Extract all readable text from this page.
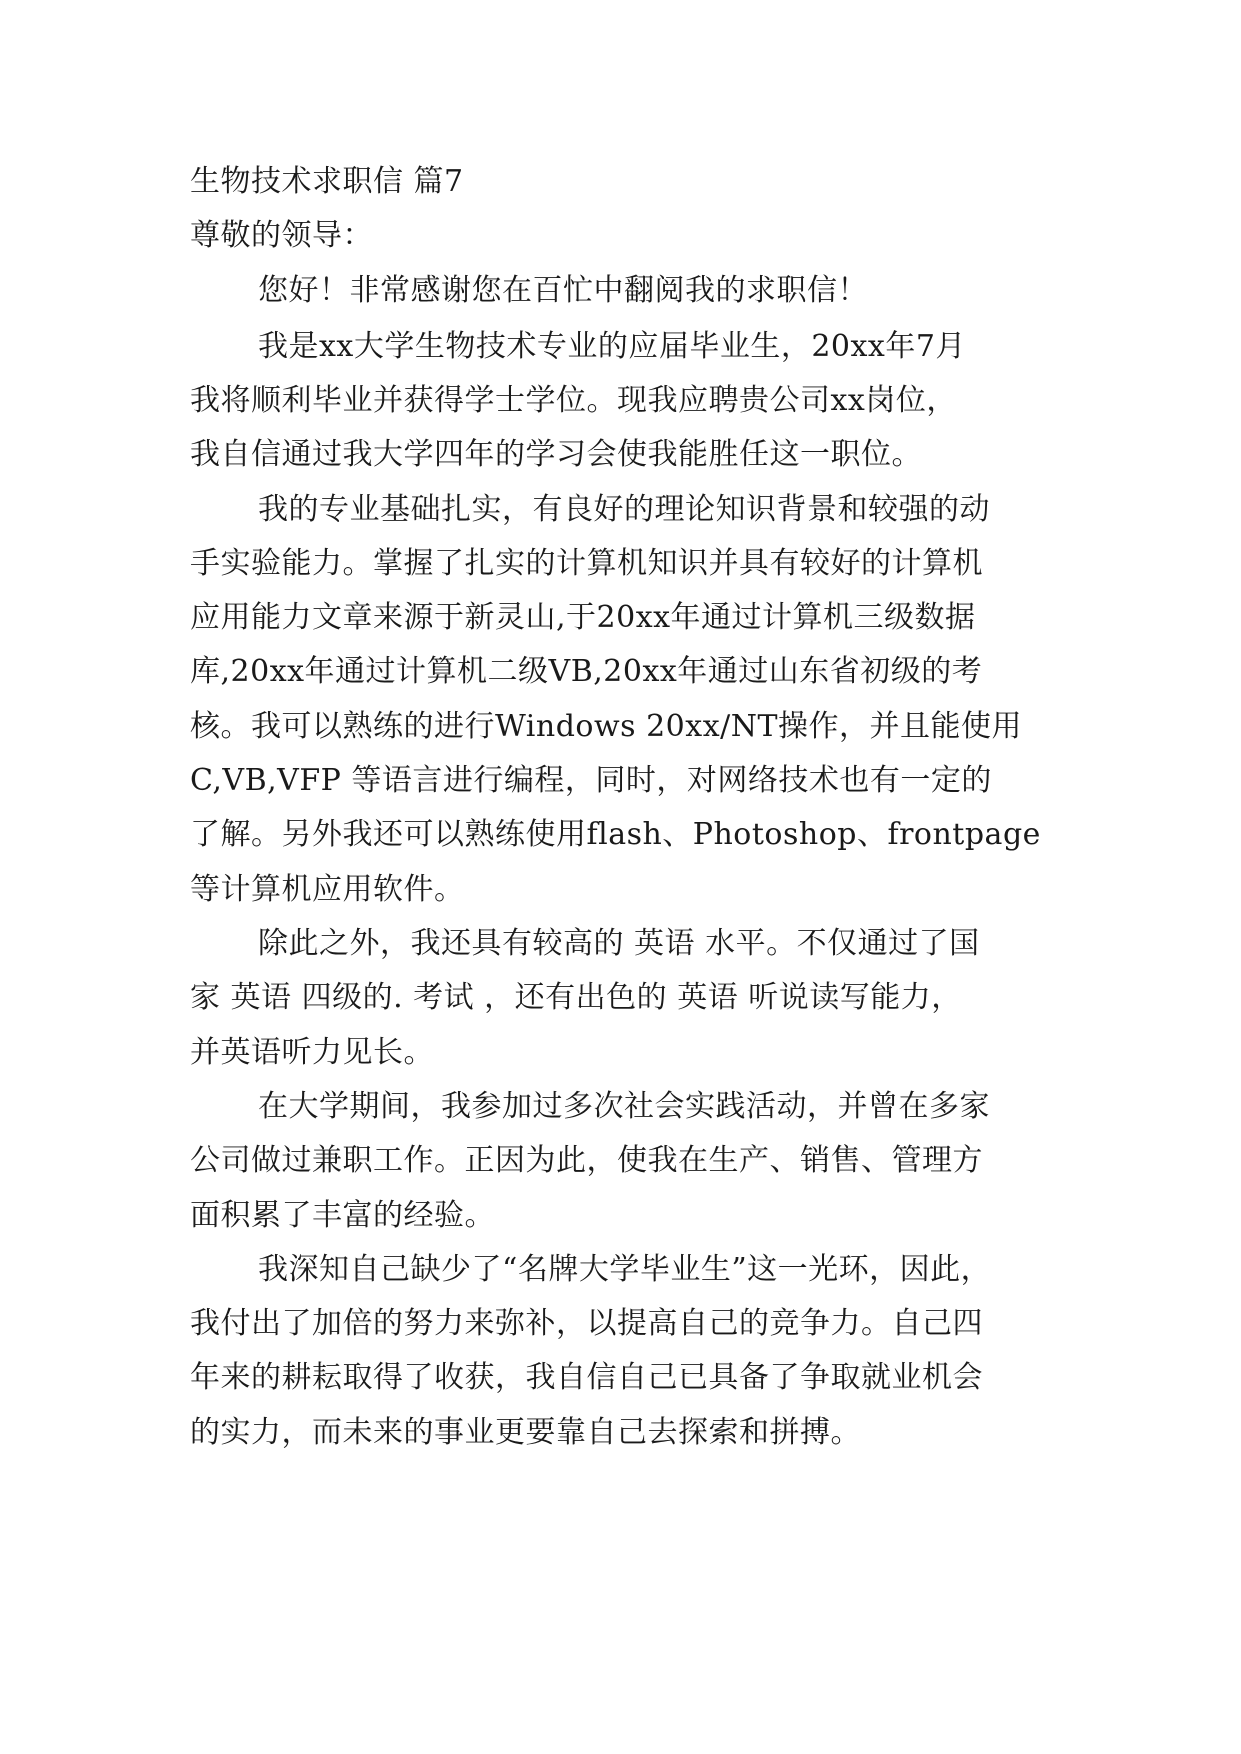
生物技术求职信 篇7
尊敬的领导：
您好！非常感谢您在百忙中翻阅我的求职信！
我是xx大学生物技术专业的应届毕业生，20xx年7月
我将顺利毕业并获得学士学位。现我应聘贵公司xx岗位，
我自信通过我大学四年的学习会使我能胜任这一职位。
我的专业基础扎实，有良好的理论知识背景和较强的动
手实验能力。掌握了扎实的计算机知识并具有较好的计算机
应用能力文章来源于新灵山,于20xx年通过计算机三级数据
库,20xx年通过计算机二级VB,20xx年通过山东省初级的考
核。我可以熟练的进行Windows 20xx/NT操作，并且能使用
C,VB,VFP 等语言进行编程，同时，对网络技术也有一定的
了解。另外我还可以熟练使用flash、Photoshop、frontpage
等计算机应用软件。
除此之外，我还具有较高的 英语 水平。不仅通过了国
家 英语 四级的. 考试 ，还有出色的 英语 听说读写能力，
并英语听力见长。
在大学期间，我参加过多次社会实践活动，并曾在多家
公司做过兼职工作。正因为此，使我在生产、销售、管理方
面积累了丰富的经验。
我深知自己缺少了“名牌大学毕业生”这一光环，因此，
我付出了加倍的努力来弥补，以提高自己的竞争力。自己四
年来的耕耘取得了收获，我自信自己已具备了争取就业机会
的实力，而未来的事业更要靠自己去探索和拼搏。
